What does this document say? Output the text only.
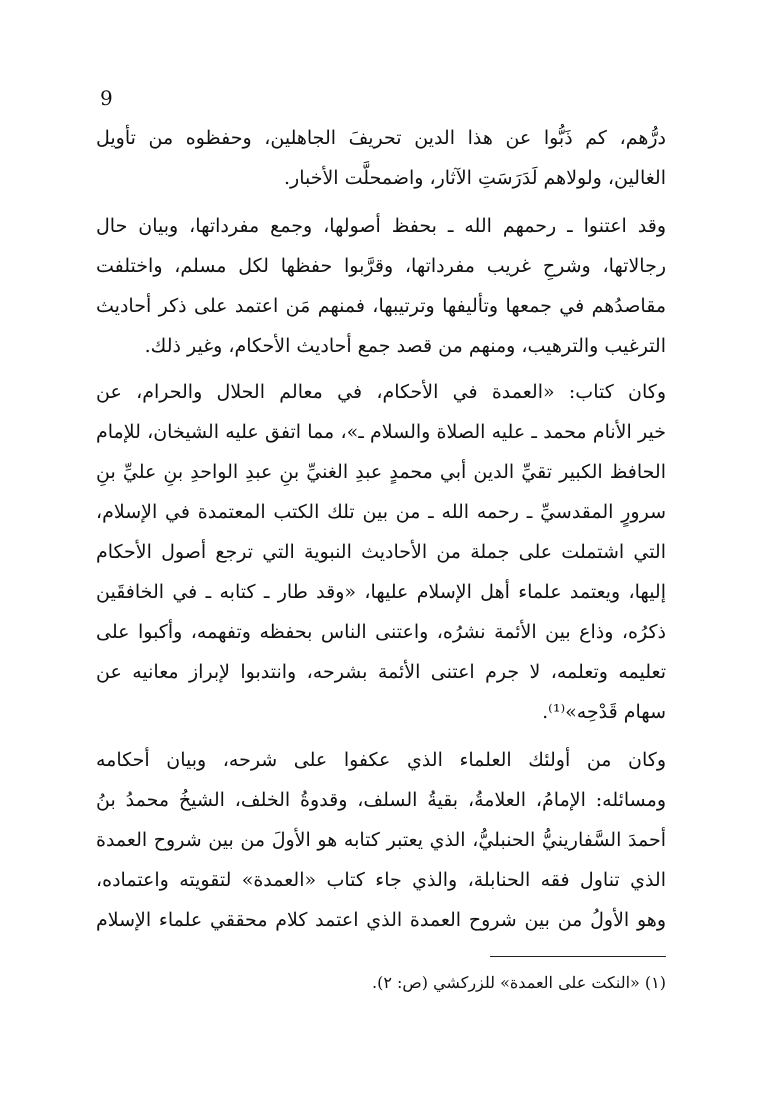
9
درُّهم، كم ذَبُّوا عن هذا الدين تحريفَ الجاهلين، وحفظوه من تأويل
الغالين، ولولاهم لَدَرَسَتِ الآثار، واضمحلَّت الأخبار.
وقد اعتنوا ـ رحمهم الله ـ بحفظ أصولها، وجمع مفرداتها، وبيان حال
رجالاتها، وشرحِ غريب مفرداتها، وقرَّبوا حفظها لكل مسلم، واختلفت
مقاصدُهم في جمعها وتأليفها وترتيبها، فمنهم مَن اعتمد على ذكر أحاديث
الترغيب والترهيب، ومنهم من قصد جمع أحاديث الأحكام، وغير ذلك.
وكان كتاب: «العمدة في الأحكام، في معالم الحلال والحرام، عن
خير الأنام محمد ـ عليه الصلاة والسلام ـ»، مما اتفق عليه الشيخان، للإمام
الحافظ الكبير تقيِّ الدين أبي محمدٍ عبدِ الغنيِّ بنِ عبدِ الواحدِ بنِ عليِّ بنِ
سرورٍ المقدسيِّ ـ رحمه الله ـ من بين تلك الكتب المعتمدة في الإسلام،
التي اشتملت على جملة من الأحاديث النبوية التي ترجع أصول الأحكام
إليها، ويعتمد علماء أهل الإسلام عليها، «وقد طار ـ كتابه ـ في الخافقَين
ذكرُه، وذاع بين الأئمة نشرُه، واعتنى الناس بحفظه وتفهمه، وأكبوا على
تعليمه وتعلمه، لا جرم اعتنى الأئمة بشرحه، وانتدبوا لإبراز معانيه عن
سهام قَدْحِه»⁽¹⁾.
وكان من أولئك العلماء الذي عكفوا على شرحه، وبيان أحكامه
ومسائله: الإمامُ، العلامةُ، بقيةُ السلف، وقدوةُ الخلف، الشيخُ محمدُ بنُ
أحمدَ السَّفارينيُّ الحنبليُّ، الذي يعتبر كتابه هو الأولَ من بين شروح العمدة
الذي تناول فقه الحنابلة، والذي جاء كتاب «العمدة» لتقويته واعتماده،
وهو الأولُ من بين شروح العمدة الذي اعتمد كلام محققي علماء الإسلام
(١) «النكت على العمدة» للزركشي (ص: ٢).
